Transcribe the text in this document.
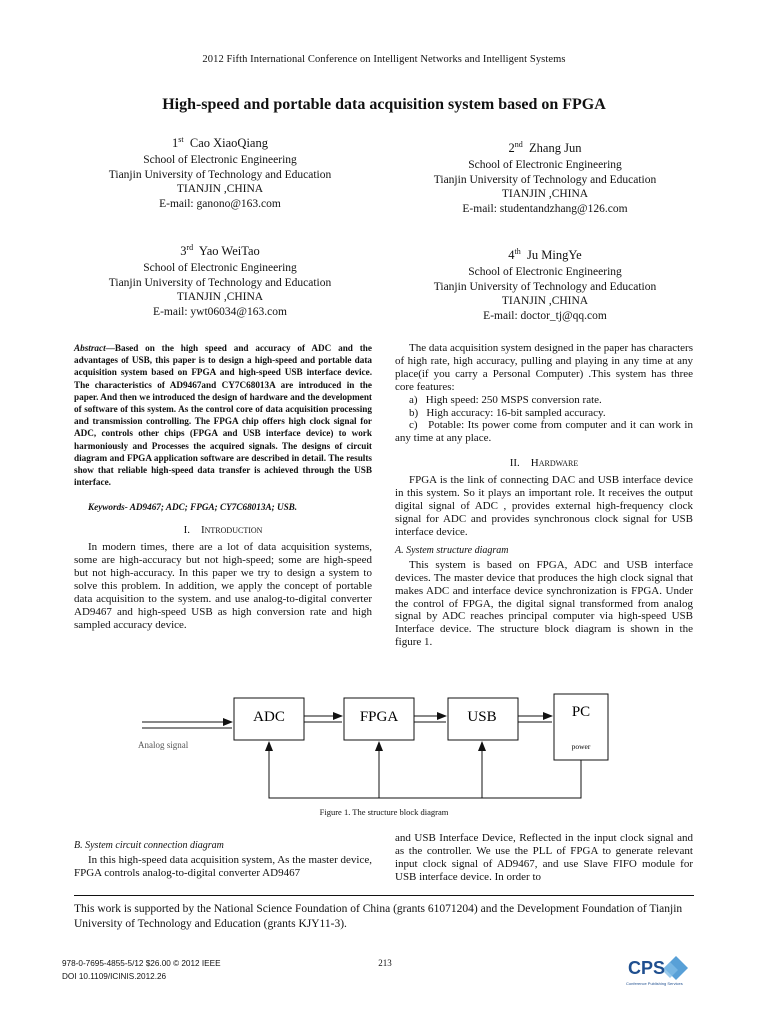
2012 Fifth International Conference on Intelligent Networks and Intelligent Systems
High-speed and portable data acquisition system based on FPGA
1st Cao XiaoQiang
School of Electronic Engineering
Tianjin University of Technology and Education
TIANJIN ,CHINA
E-mail: ganono@163.com
2nd Zhang Jun
School of Electronic Engineering
Tianjin University of Technology and Education
TIANJIN ,CHINA
E-mail: studentandzhang@126.com
3rd Yao WeiTao
School of Electronic Engineering
Tianjin University of Technology and Education
TIANJIN ,CHINA
E-mail: ywt06034@163.com
4th Ju MingYe
School of Electronic Engineering
Tianjin University of Technology and Education
TIANJIN ,CHINA
E-mail: doctor_tj@qq.com

Abstract—Based on the high speed and accuracy of ADC and the advantages of USB, this paper is to design a high-speed and portable data acquisition system based on FPGA and high-speed USB interface device. The characteristics of AD9467and CY7C68013A are introduced in the paper. And then we introduced the design of hardware and the development of software of this system. As the control core of data acquisition processing and transmission controlling. The FPGA chip offers high clock signal for ADC, controls other chips (FPGA and USB interface device) to work harmoniously and Processes the acquired signals. The designs of circuit diagram and FPGA application software are described in detail. The results show that reliable high-speed data transfer is achieved through the USB interface.

Keywords- AD9467; ADC; FPGA; CY7C68013A; USB.
I. Introduction

In modern times, there are a lot of data acquisition systems, some are high-accuracy but not high-speed; some are high-speed but not high-accuracy. In this paper we try to design a system to solve this problem. In addition, we apply the concept of portable data acquisition to the system. and use analog-to-digital converter AD9467 and high-speed USB as high conversion rate and high sampled accuracy device.

The data acquisition system designed in the paper has characters of high rate, high accuracy, pulling and playing in any time at any place(if you carry a Personal Computer) .This system has three core features:

a)   High speed: 250 MSPS conversion rate.
b)   High accuracy: 16-bit sampled accuracy.
c)   Potable: Its power come from computer and it can work in any time at any place.
II. Hardware

FPGA is the link of connecting DAC and USB interface device in this system. So it plays an important role. It receives the output digital signal of ADC , provides external high-frequency clock signal for ADC and provides synchronous clock signal for USB interface device.

A. System structure diagram

This system is based on FPGA, ADC and USB interface devices. The master device that produces the high clock signal that makes ADC and interface device synchronization is FPGA. Under the control of FPGA, the digital signal transformed from analog signal by ADC reaches principal computer via high-speed USB Interface device. The structure block diagram is shown in the figure 1.

Analog signal
ADC	FPGA	USB	PC
power
Figure 1. The structure block diagram
B. System circuit connection diagram

In this high-speed data acquisition system, As the master device, FPGA controls analog-to-digital converter AD9467

and USB Interface Device, Reflected in the input clock signal and as the controller. We use the PLL of FPGA to generate relevant input clock signal of AD9467, and use Slave FIFO module for USB interface device. In order to

This work is supported by the National Science Foundation of China (grants 61071204) and the Development Foundation of Tianjin University of Technology and Education (grants KJY11-3).
978-0-7695-4855-5/12 $26.00 © 2012 IEEE
DOI 10.1109/ICINIS.2012.26
213	CPS
Conference Publishing Services
